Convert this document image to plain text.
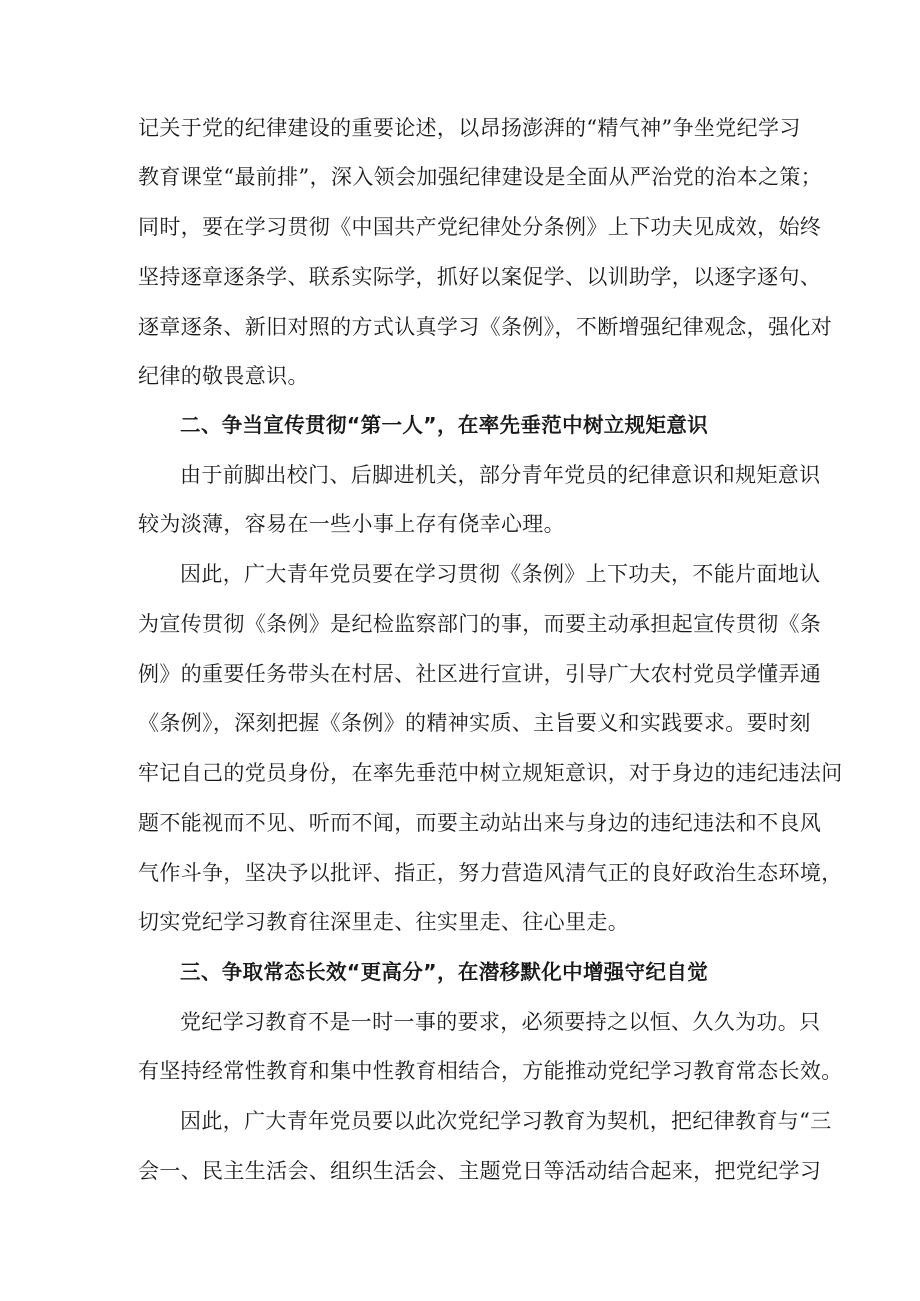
记关于党的纪律建设的重要论述，以昂扬澎湃的“精气神”争坐党纪学习
教育课堂“最前排”，深入领会加强纪律建设是全面从严治党的治本之策；
同时，要在学习贯彻《中国共产党纪律处分条例》上下功夫见成效，始终
坚持逐章逐条学、联系实际学，抓好以案促学、以训助学，以逐字逐句、
逐章逐条、新旧对照的方式认真学习《条例》，不断增强纪律观念，强化对
纪律的敬畏意识。
二、争当宣传贯彻“第一人”，在率先垂范中树立规矩意识
由于前脚出校门、后脚进机关，部分青年党员的纪律意识和规矩意识
较为淡薄，容易在一些小事上存有侥幸心理。
因此，广大青年党员要在学习贯彻《条例》上下功夫，不能片面地认
为宣传贯彻《条例》是纪检监察部门的事，而要主动承担起宣传贯彻《条
例》的重要任务带头在村居、社区进行宣讲，引导广大农村党员学懂弄通
《条例》，深刻把握《条例》的精神实质、主旨要义和实践要求。要时刻
牢记自己的党员身份，在率先垂范中树立规矩意识，对于身边的违纪违法问
题不能视而不见、听而不闻，而要主动站出来与身边的违纪违法和不良风
气作斗争，坚决予以批评、指正，努力营造风清气正的良好政治生态环境，
切实党纪学习教育往深里走、往实里走、往心里走。
三、争取常态长效“更高分”，在潜移默化中增强守纪自觉
党纪学习教育不是一时一事的要求，必须要持之以恒、久久为功。只
有坚持经常性教育和集中性教育相结合，方能推动党纪学习教育常态长效。
因此，广大青年党员要以此次党纪学习教育为契机，把纪律教育与“三
会一、民主生活会、组织生活会、主题党日等活动结合起来，把党纪学习
